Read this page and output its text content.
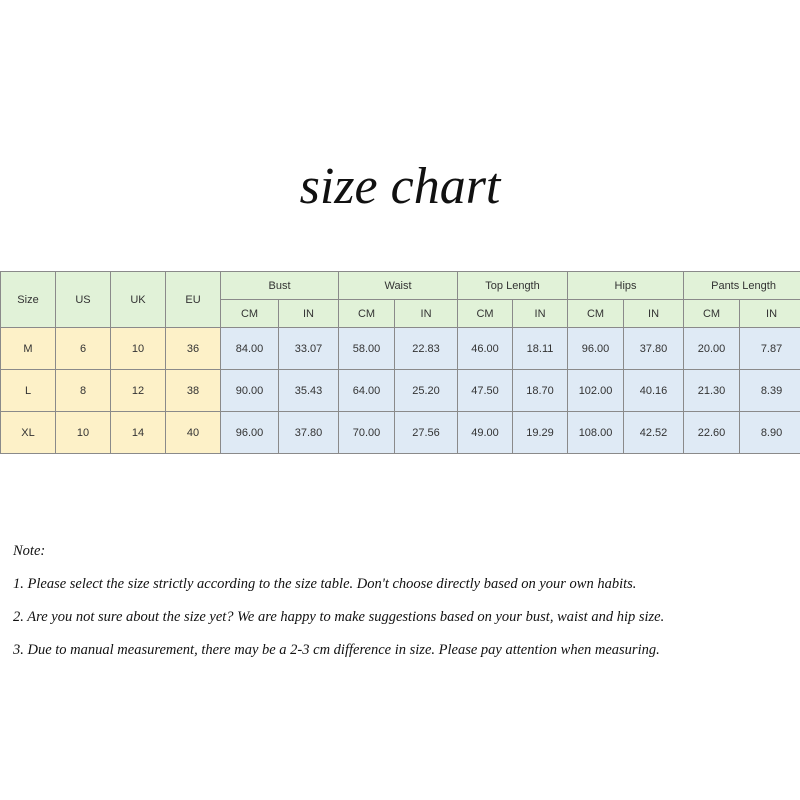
size chart
Size	US	UK	EU	Bust		Waist		Top Length		Hips		Pants Length	
				CM	IN	CM	IN	CM	IN	CM	IN	CM	IN
M	6	10	36	84.00	33.07	58.00	22.83	46.00	18.11	96.00	37.80	20.00	7.87
L	8	12	38	90.00	35.43	64.00	25.20	47.50	18.70	102.00	40.16	21.30	8.39
XL	10	14	40	96.00	37.80	70.00	27.56	49.00	19.29	108.00	42.52	22.60	8.90
Note:
1. Please select the size strictly according to the size table. Don't choose directly based on your own habits.
2. Are you not sure about the size yet? We are happy to make suggestions based on your bust, waist and hip size.
3. Due to manual measurement, there may be a 2-3 cm difference in size. Please pay attention when measuring.
